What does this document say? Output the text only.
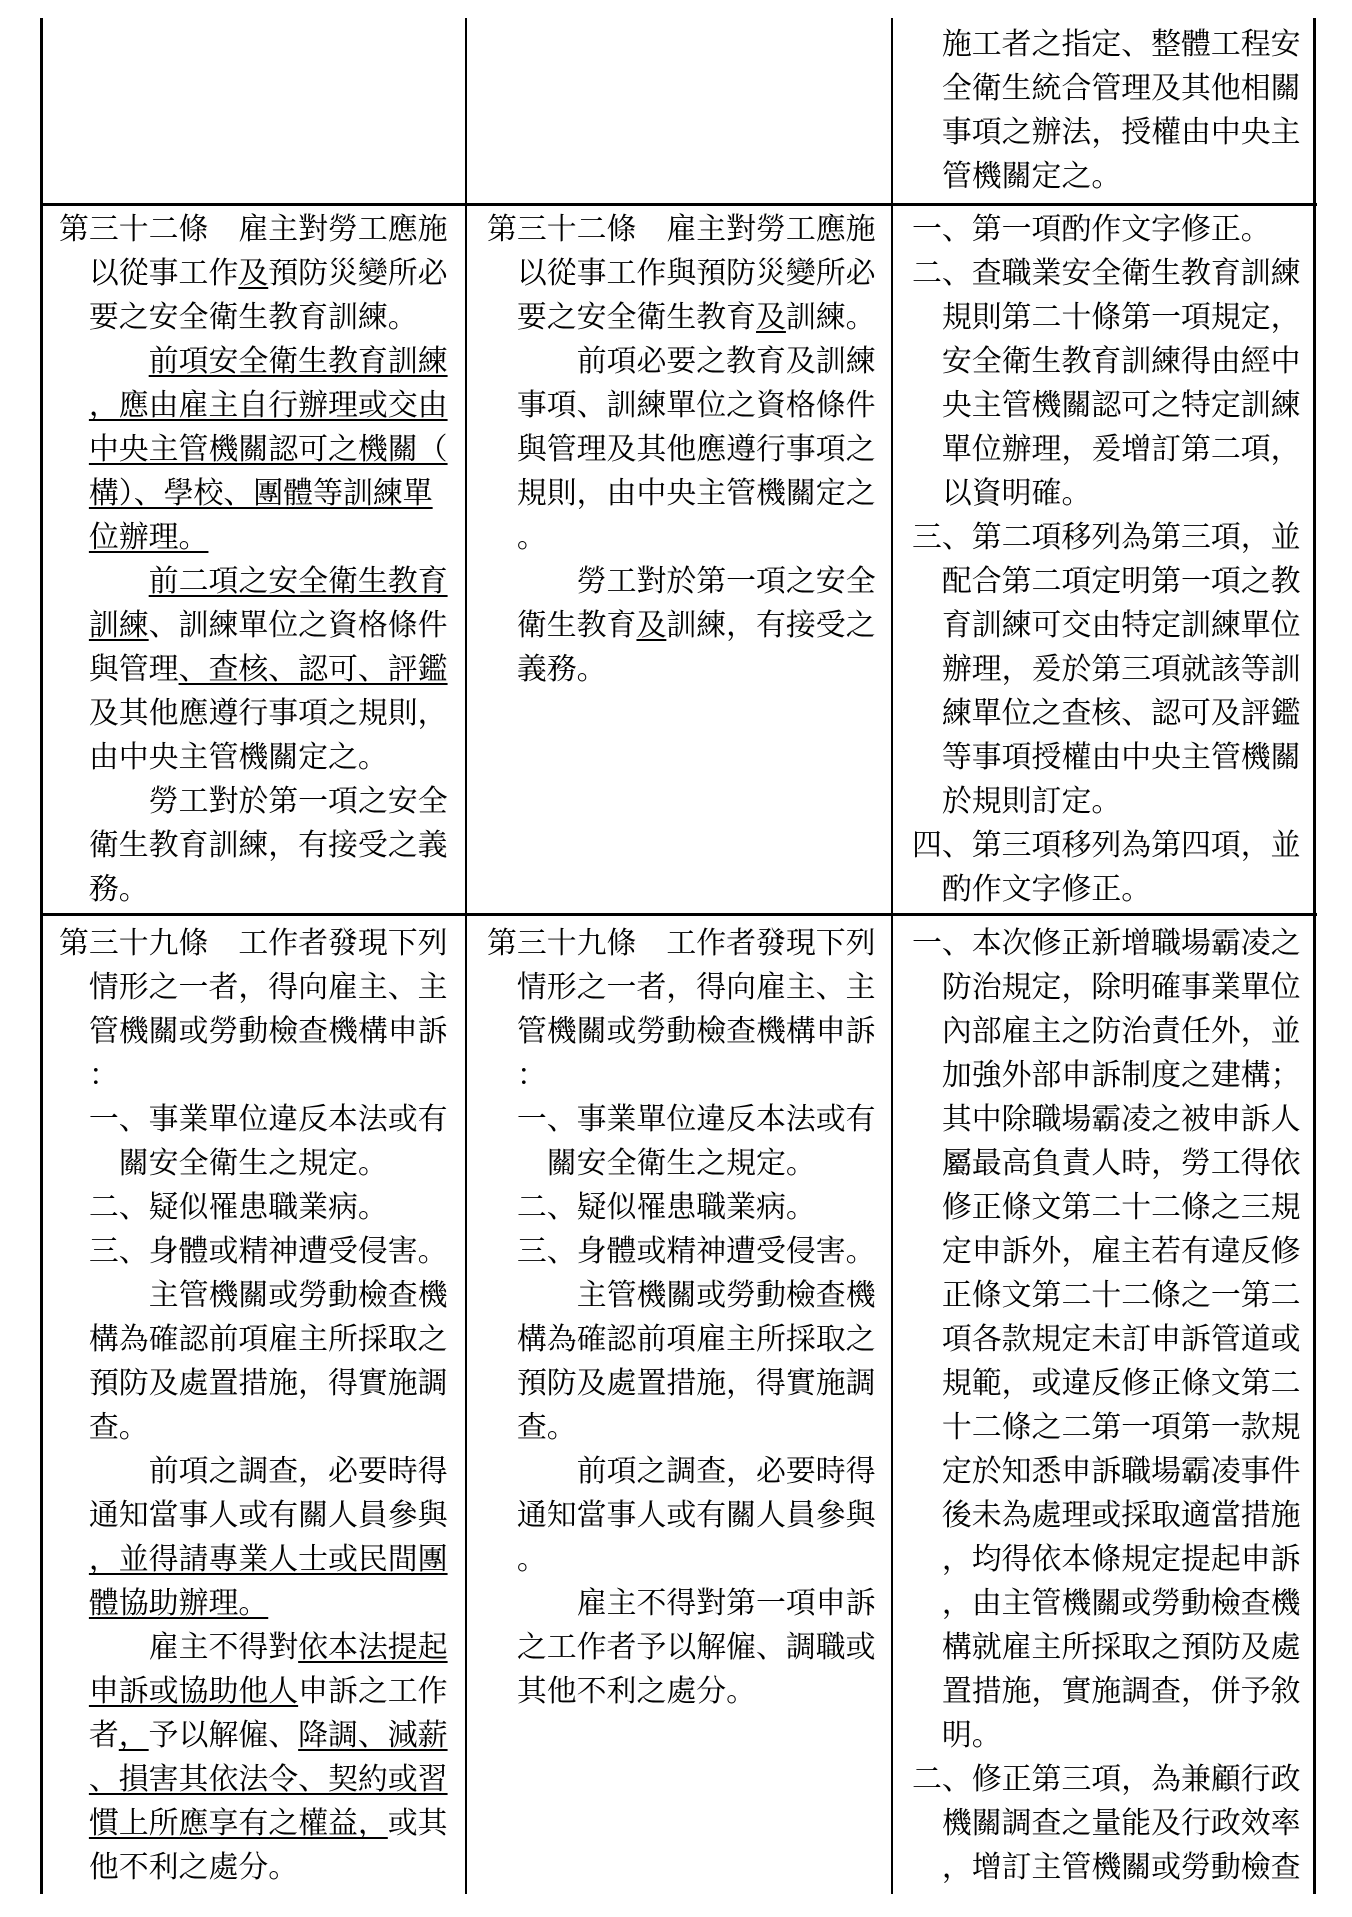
施工者之指定、整體工程安
全衛生統合管理及其他相關
事項之辦法，授權由中央主
管機關定之。
第三十二條　雇主對勞工應施
以從事工作及預防災變所必
要之安全衛生教育訓練。
前項安全衛生教育訓練
，應由雇主自行辦理或交由
中央主管機關認可之機關（
構）、學校、團體等訓練單
位辦理。
前二項之安全衛生教育
訓練、訓練單位之資格條件
與管理、查核、認可、評鑑
及其他應遵行事項之規則，
由中央主管機關定之。
勞工對於第一項之安全
衛生教育訓練，有接受之義
務。
第三十二條　雇主對勞工應施
以從事工作與預防災變所必
要之安全衛生教育及訓練。
前項必要之教育及訓練
事項、訓練單位之資格條件
與管理及其他應遵行事項之
規則，由中央主管機關定之
。
勞工對於第一項之安全
衛生教育及訓練，有接受之
義務。
一、第一項酌作文字修正。
二、查職業安全衛生教育訓練
規則第二十條第一項規定，
安全衛生教育訓練得由經中
央主管機關認可之特定訓練
單位辦理，爰增訂第二項，
以資明確。
三、第二項移列為第三項，並
配合第二項定明第一項之教
育訓練可交由特定訓練單位
辦理，爰於第三項就該等訓
練單位之查核、認可及評鑑
等事項授權由中央主管機關
於規則訂定。
四、第三項移列為第四項，並
酌作文字修正。
第三十九條　工作者發現下列
情形之一者，得向雇主、主
管機關或勞動檢查機構申訴
：
一、事業單位違反本法或有
關安全衛生之規定。
二、疑似罹患職業病。
三、身體或精神遭受侵害。
主管機關或勞動檢查機
構為確認前項雇主所採取之
預防及處置措施，得實施調
查。
前項之調查，必要時得
通知當事人或有關人員參與
，並得請專業人士或民間團
體協助辦理。
雇主不得對依本法提起
申訴或協助他人申訴之工作
者，予以解僱、降調、減薪
、損害其依法令、契約或習
慣上所應享有之權益，或其
他不利之處分。
第三十九條　工作者發現下列
情形之一者，得向雇主、主
管機關或勞動檢查機構申訴
：
一、事業單位違反本法或有
關安全衛生之規定。
二、疑似罹患職業病。
三、身體或精神遭受侵害。
主管機關或勞動檢查機
構為確認前項雇主所採取之
預防及處置措施，得實施調
查。
前項之調查，必要時得
通知當事人或有關人員參與
。
雇主不得對第一項申訴
之工作者予以解僱、調職或
其他不利之處分。
一、本次修正新增職場霸凌之
防治規定，除明確事業單位
內部雇主之防治責任外，並
加強外部申訴制度之建構；
其中除職場霸凌之被申訴人
屬最高負責人時，勞工得依
修正條文第二十二條之三規
定申訴外，雇主若有違反修
正條文第二十二條之一第二
項各款規定未訂申訴管道或
規範，或違反修正條文第二
十二條之二第一項第一款規
定於知悉申訴職場霸凌事件
後未為處理或採取適當措施
，均得依本條規定提起申訴
，由主管機關或勞動檢查機
構就雇主所採取之預防及處
置措施，實施調查，併予敘
明。
二、修正第三項，為兼顧行政
機關調查之量能及行政效率
，增訂主管機關或勞動檢查
